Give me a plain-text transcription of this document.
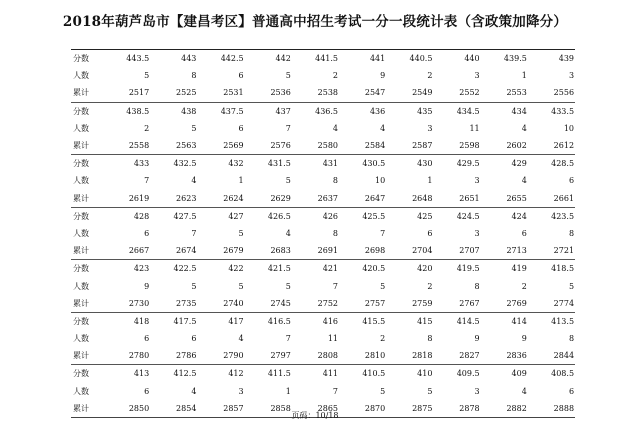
2018年葫芦岛市【建昌考区】普通高中招生考试一分一段统计表（含政策加降分）
分数	443.5	443	442.5	442	441.5	441	440.5	440	439.5	439
人数	5	8	6	5	2	9	2	3	1	3
累计	2517	2525	2531	2536	2538	2547	2549	2552	2553	2556
分数	438.5	438	437.5	437	436.5	436	435	434.5	434	433.5
人数	2	5	6	7	4	4	3	11	4	10
累计	2558	2563	2569	2576	2580	2584	2587	2598	2602	2612
分数	433	432.5	432	431.5	431	430.5	430	429.5	429	428.5
人数	7	4	1	5	8	10	1	3	4	6
累计	2619	2623	2624	2629	2637	2647	2648	2651	2655	2661
分数	428	427.5	427	426.5	426	425.5	425	424.5	424	423.5
人数	6	7	5	4	8	7	6	3	6	8
累计	2667	2674	2679	2683	2691	2698	2704	2707	2713	2721
分数	423	422.5	422	421.5	421	420.5	420	419.5	419	418.5
人数	9	5	5	5	7	5	2	8	2	5
累计	2730	2735	2740	2745	2752	2757	2759	2767	2769	2774
分数	418	417.5	417	416.5	416	415.5	415	414.5	414	413.5
人数	6	6	4	7	11	2	8	9	9	8
累计	2780	2786	2790	2797	2808	2810	2818	2827	2836	2844
分数	413	412.5	412	411.5	411	410.5	410	409.5	409	408.5
人数	6	4	3	1	7	5	5	3	4	6
累计	2850	2854	2857	2858	2865	2870	2875	2878	2882	2888
页码：10/18
